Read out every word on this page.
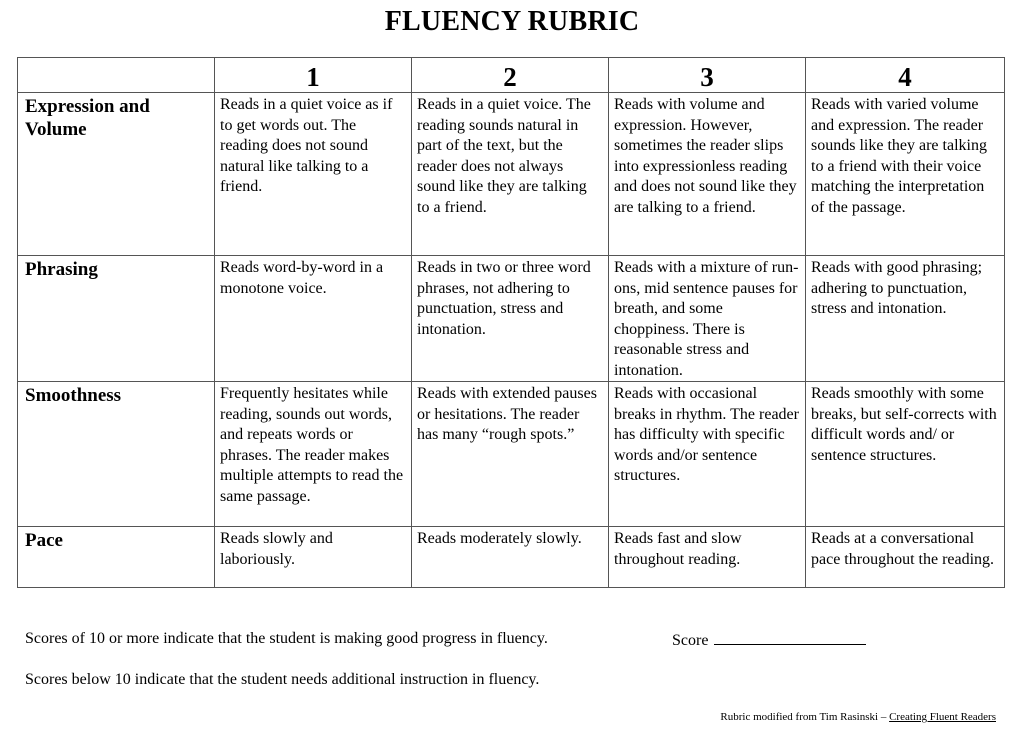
FLUENCY RUBRIC
	1	2	3	4
Expression and Volume	Reads in a quiet voice as if to get words out. The reading does not sound natural like talking to a friend.	Reads in a quiet voice. The reading sounds natural in part of the text, but the reader does not always sound like they are talking to a friend.	Reads with volume and expression. However, sometimes the reader slips into expressionless reading and does not sound like they are talking to a friend.	Reads with varied volume and expression. The reader sounds like they are talking to a friend with their voice matching the interpretation of the passage.
Phrasing	Reads word-by-word in a monotone voice.	Reads in two or three word phrases, not adhering to punctuation, stress and intonation.	Reads with a mixture of run-ons, mid sentence pauses for breath, and some choppiness. There is reasonable stress and intonation.	Reads with good phrasing; adhering to punctuation, stress and intonation.
Smoothness	Frequently hesitates while reading, sounds out words, and repeats words or phrases. The reader makes multiple attempts to read the same passage.	Reads with extended pauses or hesitations. The reader has many “rough spots.”	Reads with occasional breaks in rhythm. The reader has difficulty with specific words and/or sentence structures.	Reads smoothly with some breaks, but self-corrects with difficult words and/ or sentence structures.
Pace	Reads slowly and laboriously.	Reads moderately slowly.	Reads fast and slow throughout reading.	Reads at a conversational pace throughout the reading.
Scores of 10 or more indicate that the student is making good progress in fluency.	Score
Scores below 10 indicate that the student needs additional instruction in fluency.
Rubric modified from Tim Rasinski – Creating Fluent Readers
